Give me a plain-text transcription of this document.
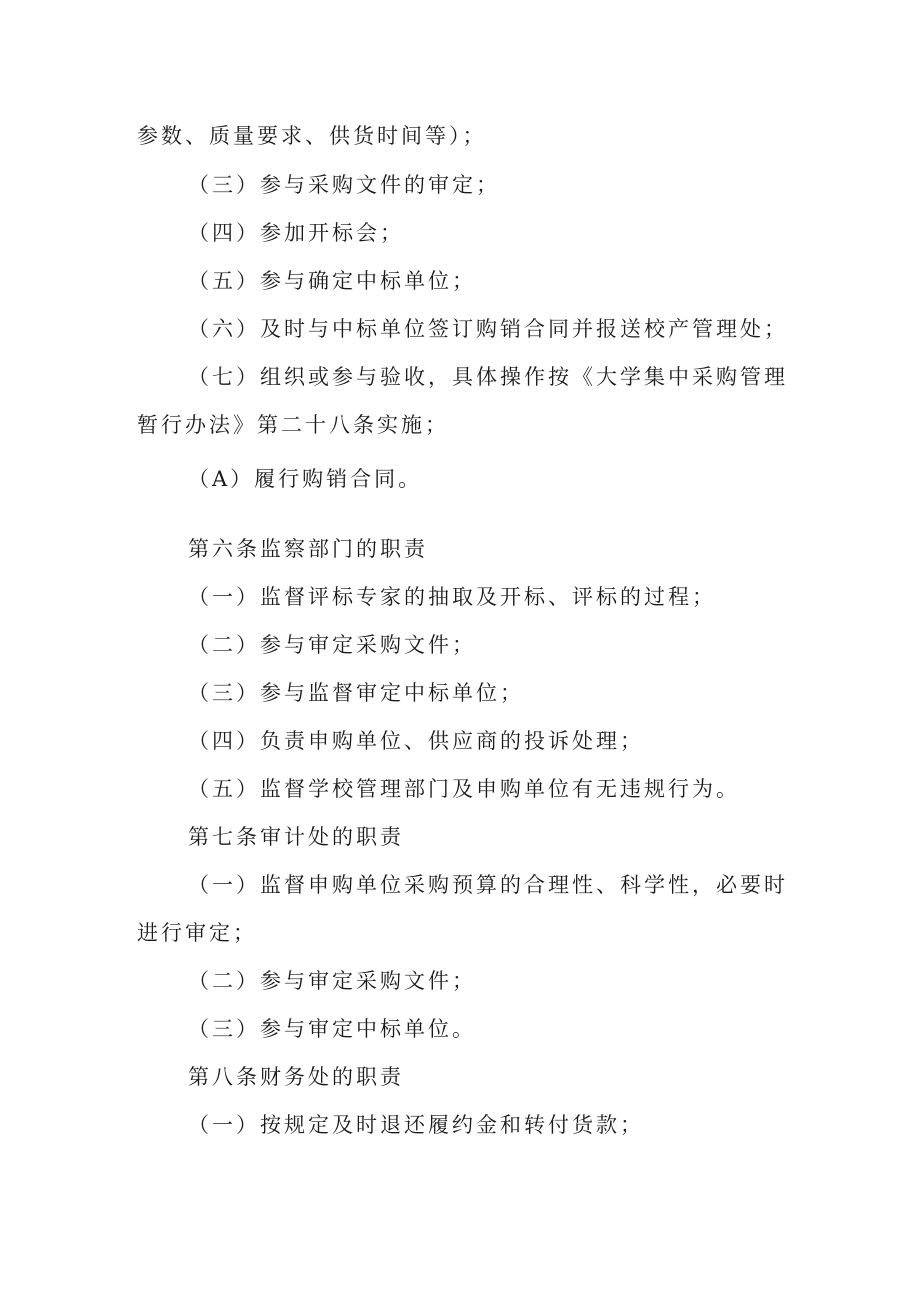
参数、质量要求、供货时间等）；
（三）参与采购文件的审定；
（四）参加开标会；
（五）参与确定中标单位；
（六）及时与中标单位签订购销合同并报送校产管理处；
（七）组织或参与验收，具体操作按《大学集中采购管理
暂行办法》第二十八条实施；
（A）履行购销合同。
第六条监察部门的职责
（一）监督评标专家的抽取及开标、评标的过程；
（二）参与审定采购文件；
（三）参与监督审定中标单位；
（四）负责申购单位、供应商的投诉处理；
（五）监督学校管理部门及申购单位有无违规行为。
第七条审计处的职责
（一）监督申购单位采购预算的合理性、科学性，必要时
进行审定；
（二）参与审定采购文件；
（三）参与审定中标单位。
第八条财务处的职责
（一）按规定及时退还履约金和转付货款；
